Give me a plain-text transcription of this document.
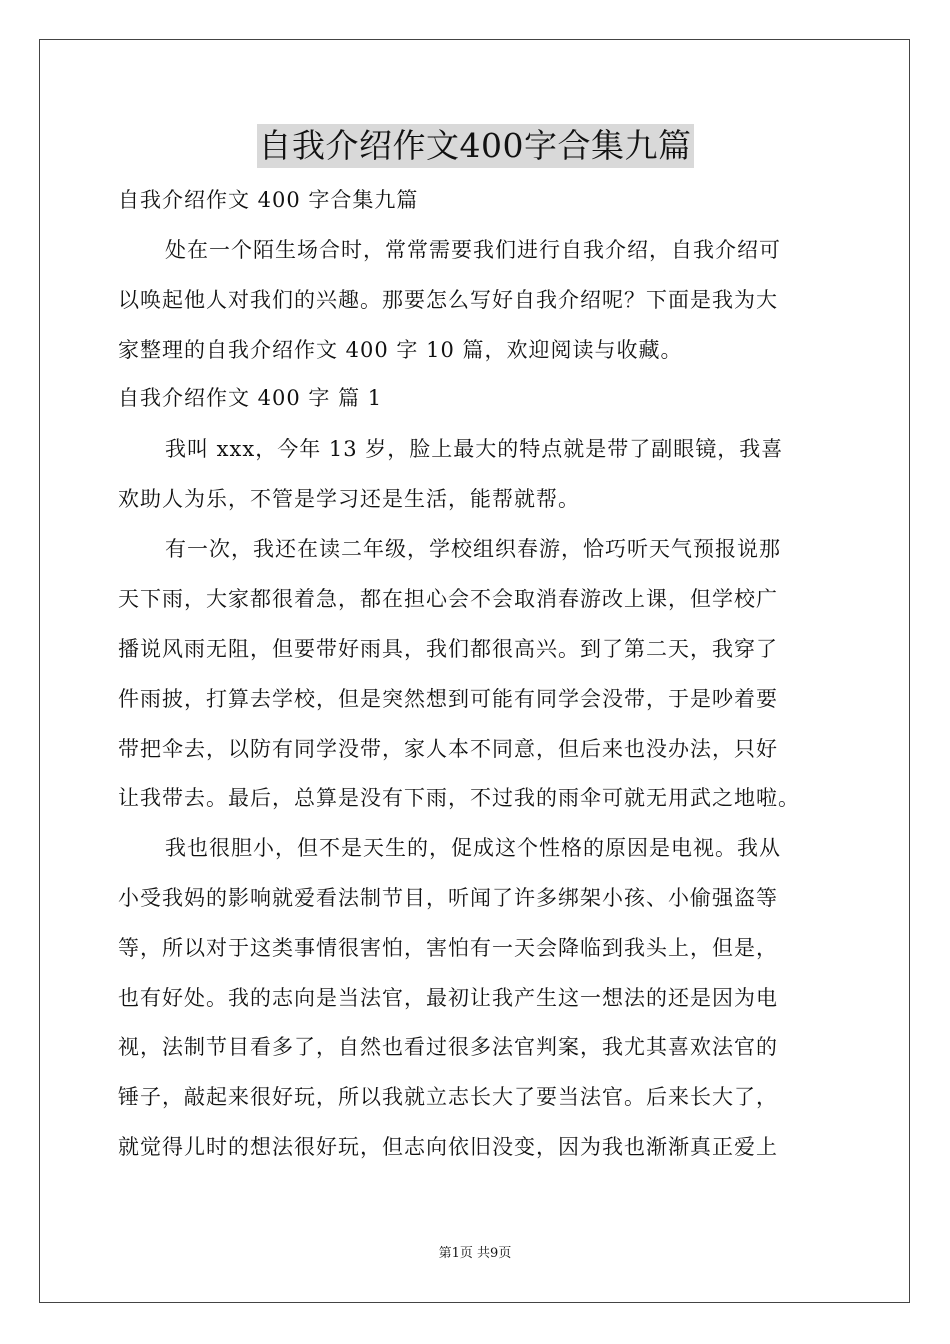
自我介绍作文400字合集九篇
自我介绍作文 400 字合集九篇
处在一个陌生场合时，常常需要我们进行自我介绍，自我介绍可
以唤起他人对我们的兴趣。那要怎么写好自我介绍呢？下面是我为大
家整理的自我介绍作文 400 字 10 篇，欢迎阅读与收藏。
自我介绍作文 400 字 篇 1
我叫 xxx，今年 13 岁，脸上最大的特点就是带了副眼镜，我喜
欢助人为乐，不管是学习还是生活，能帮就帮。
有一次，我还在读二年级，学校组织春游，恰巧听天气预报说那
天下雨，大家都很着急，都在担心会不会取消春游改上课，但学校广
播说风雨无阻，但要带好雨具，我们都很高兴。到了第二天，我穿了
件雨披，打算去学校，但是突然想到可能有同学会没带，于是吵着要
带把伞去，以防有同学没带，家人本不同意，但后来也没办法，只好
让我带去。最后，总算是没有下雨，不过我的雨伞可就无用武之地啦。
我也很胆小，但不是天生的，促成这个性格的原因是电视。我从
小受我妈的影响就爱看法制节目，听闻了许多绑架小孩、小偷强盗等
等，所以对于这类事情很害怕，害怕有一天会降临到我头上，但是，
也有好处。我的志向是当法官，最初让我产生这一想法的还是因为电
视，法制节目看多了，自然也看过很多法官判案，我尤其喜欢法官的
锤子，敲起来很好玩，所以我就立志长大了要当法官。后来长大了，
就觉得儿时的想法很好玩，但志向依旧没变，因为我也渐渐真正爱上
第1页 共9页
